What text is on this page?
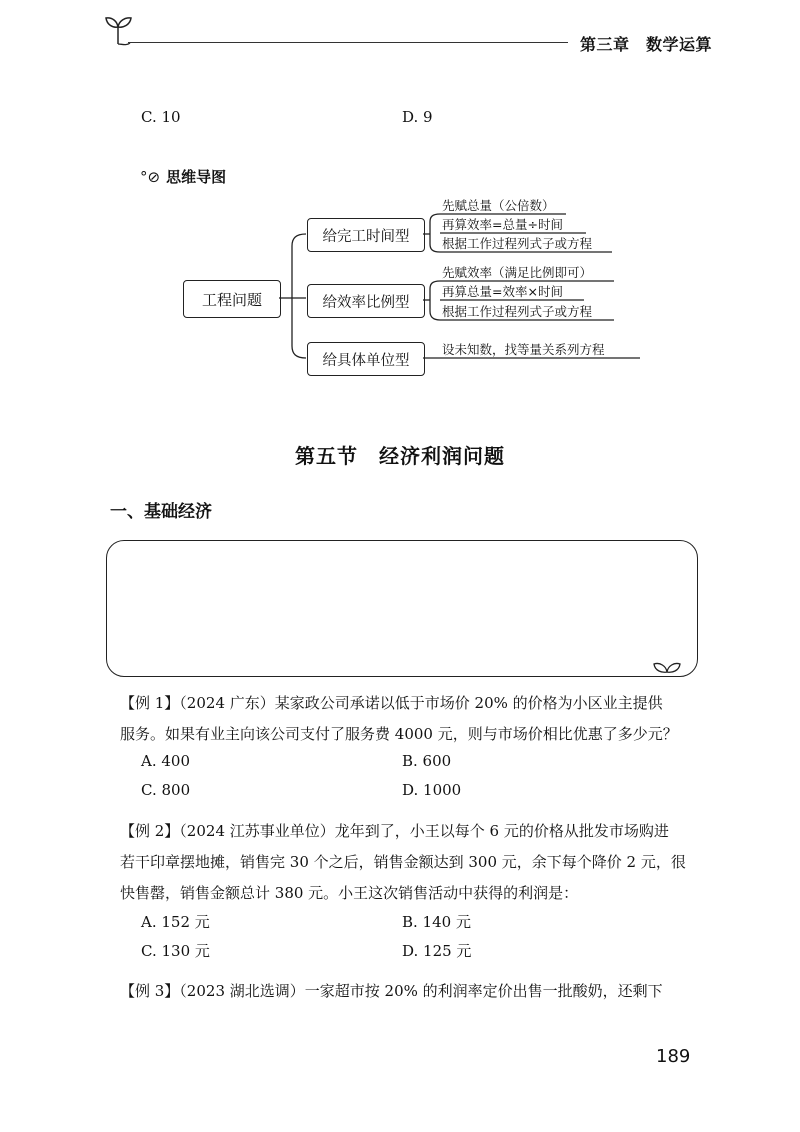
第三章　数学运算
C. 10	D. 9
°⊘ 思维导图
工程问题
给完工时间型
给效率比例型
给具体单位型
先赋总量（公倍数）
再算效率=总量÷时间
根据工作过程列式子或方程
先赋效率（满足比例即可）
再算总量=效率×时间
根据工作过程列式子或方程
设未知数，找等量关系列方程
第五节　经济利润问题
一、基础经济

【例 1】（2024 广东）某家政公司承诺以低于市场价 20% 的价格为小区业主提供

服务。如果有业主向该公司支付了服务费 4000 元，则与市场价相比优惠了多少元？

A. 400	B. 600
C. 800	D. 1000

【例 2】（2024 江苏事业单位）龙年到了，小王以每个 6 元的价格从批发市场购进

若干印章摆地摊，销售完 30 个之后，销售金额达到 300 元，余下每个降价 2 元，很

快售罄，销售金额总计 380 元。小王这次销售活动中获得的利润是：

A. 152 元	B. 140 元
C. 130 元	D. 125 元

【例 3】（2023 湖北选调）一家超市按 20% 的利润率定价出售一批酸奶，还剩下

189
